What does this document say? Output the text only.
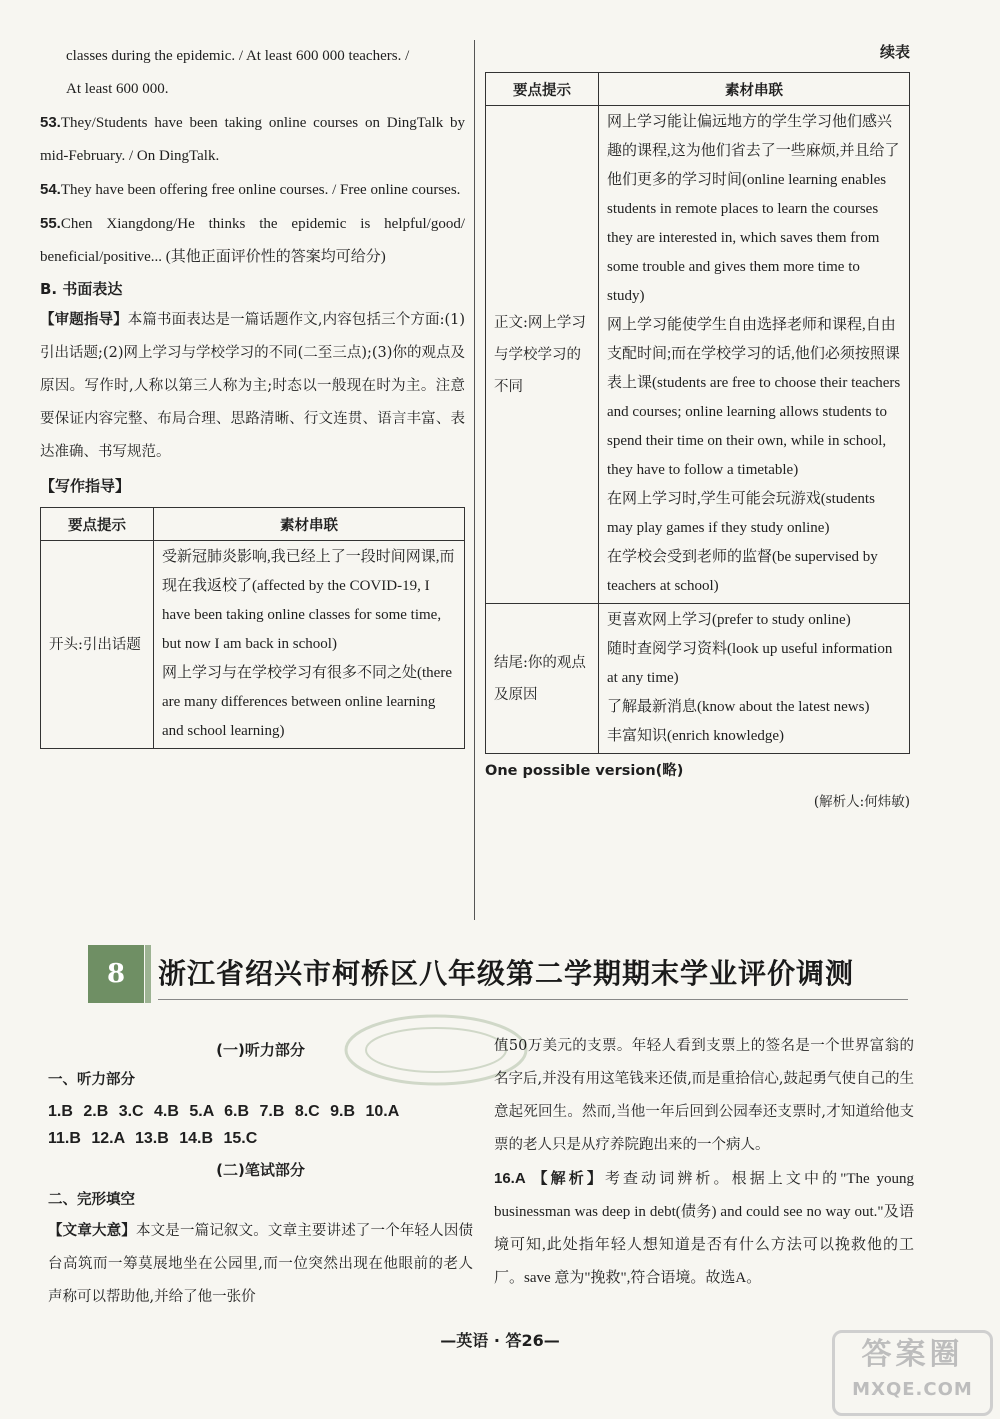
classes during the epidemic. / At least 600 000 teachers. /

At least 600 000.

53.They/Students have been taking online courses on DingTalk by mid-February. / On DingTalk.

54.They have been offering free online courses. / Free online courses.

55.Chen Xiangdong/He thinks the epidemic is helpful/good/ beneficial/positive... (其他正面评价性的答案均可给分)

B. 书面表达

【审题指导】本篇书面表达是一篇话题作文,内容包括三个方面:(1)引出话题;(2)网上学习与学校学习的不同(二至三点);(3)你的观点及原因。写作时,人称以第三人称为主;时态以一般现在时为主。注意要保证内容完整、布局合理、思路清晰、行文连贯、语言丰富、表达准确、书写规范。

【写作指导】

要点提示	素材串联
开头:引出话题	受新冠肺炎影响,我已经上了一段时间网课,而现在我返校了(affected by the COVID-19, I have been taking online classes for some time, but now I am back in school)
网上学习与在学校学习有很多不同之处(there are many differences between online learning and school learning)
续表
要点提示	素材串联
正文:网上学习与学校学习的不同	网上学习能让偏远地方的学生学习他们感兴趣的课程,这为他们省去了一些麻烦,并且给了他们更多的学习时间(online learning enables students in remote places to learn the courses they are interested in, which saves them from some trouble and gives them more time to study)
网上学习能使学生自由选择老师和课程,自由支配时间;而在学校学习的话,他们必须按照课表上课(students are free to choose their teachers and courses; online learning allows students to spend their time on their own, while in school, they have to follow a timetable)
在网上学习时,学生可能会玩游戏(students may play games if they study online)
在学校会受到老师的监督(be supervised by teachers at school)

结尾:你的观点及原因	更喜欢网上学习(prefer to study online)
随时查阅学习资料(look up useful information at any time)
了解最新消息(know about the latest news)
丰富知识(enrich knowledge)

One possible version(略)

(解析人:何炜敏)
8	浙江省绍兴市柯桥区八年级第二学期期末学业评价调测

(一)听力部分

一、听力部分

1.B 2.B 3.C 4.B 5.A 6.B 7.B 8.C 9.B 10.A

11.B 12.A 13.B 14.B 15.C

(二)笔试部分

二、完形填空

【文章大意】本文是一篇记叙文。文章主要讲述了一个年轻人因债台高筑而一筹莫展地坐在公园里,而一位突然出现在他眼前的老人声称可以帮助他,并给了他一张价

值50万美元的支票。年轻人看到支票上的签名是一个世界富翁的名字后,并没有用这笔钱来还债,而是重拾信心,鼓起勇气使自己的生意起死回生。然而,当他一年后回到公园奉还支票时,才知道给他支票的老人只是从疗养院跑出来的一个病人。

16.A 【解析】考查动词辨析。根据上文中的"The young businessman was deep in debt(债务) and could see no way out."及语境可知,此处指年轻人想知道是否有什么方法可以挽救他的工厂。save 意为"挽救",符合语境。故选A。

—英语 · 答26—	答案圈
MXQE.COM
